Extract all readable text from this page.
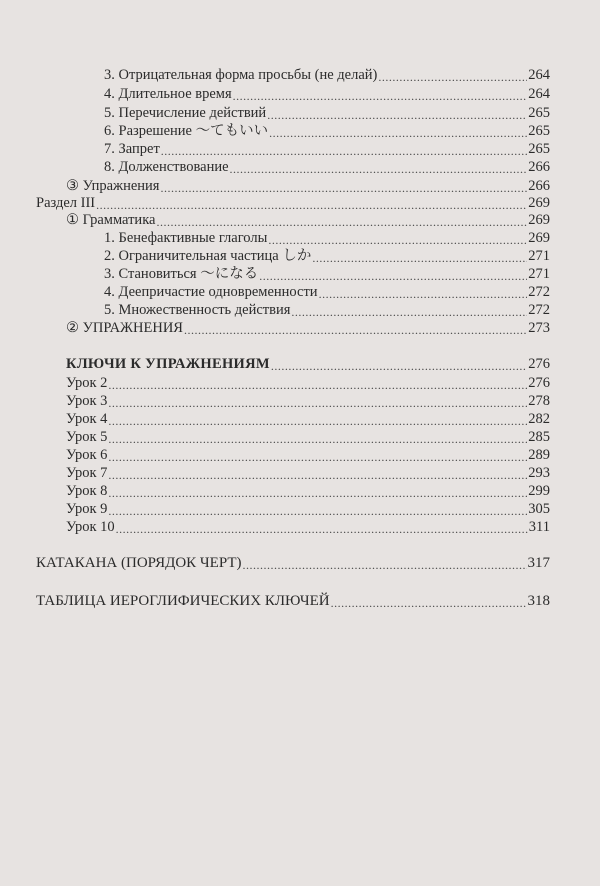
3. Отрицательная форма просьбы (не делай) .....	264
4. Длительное время .....	264
5. Перечисление действий .....	265
6. Разрешение 〜てもいい .....	265
7. Запрет .....	265
8. Долженствование .....	266
③ Упражнения .....	266
Раздел III .....	269
① Грамматика .....	269
1. Бенефактивные глаголы .....	269
2. Ограничительная частица しか .....	271
3. Становиться 〜になる .....	271
4. Деепричастие одновременности .....	272
5. Множественность действия .....	272
② УПРАЖНЕНИЯ .....	273
КЛЮЧИ К УПРАЖНЕНИЯМ .....	276
Урок 2 .....	276
Урок 3 .....	278
Урок 4 .....	282
Урок 5 .....	285
Урок 6 .....	289
Урок 7 .....	293
Урок 8 .....	299
Урок 9 .....	305
Урок 10 .....	311
КАТАКАНА (ПОРЯДОК ЧЕРТ) .....	317
ТАБЛИЦА ИЕРОГЛИФИЧЕСКИХ КЛЮЧЕЙ .....	318
